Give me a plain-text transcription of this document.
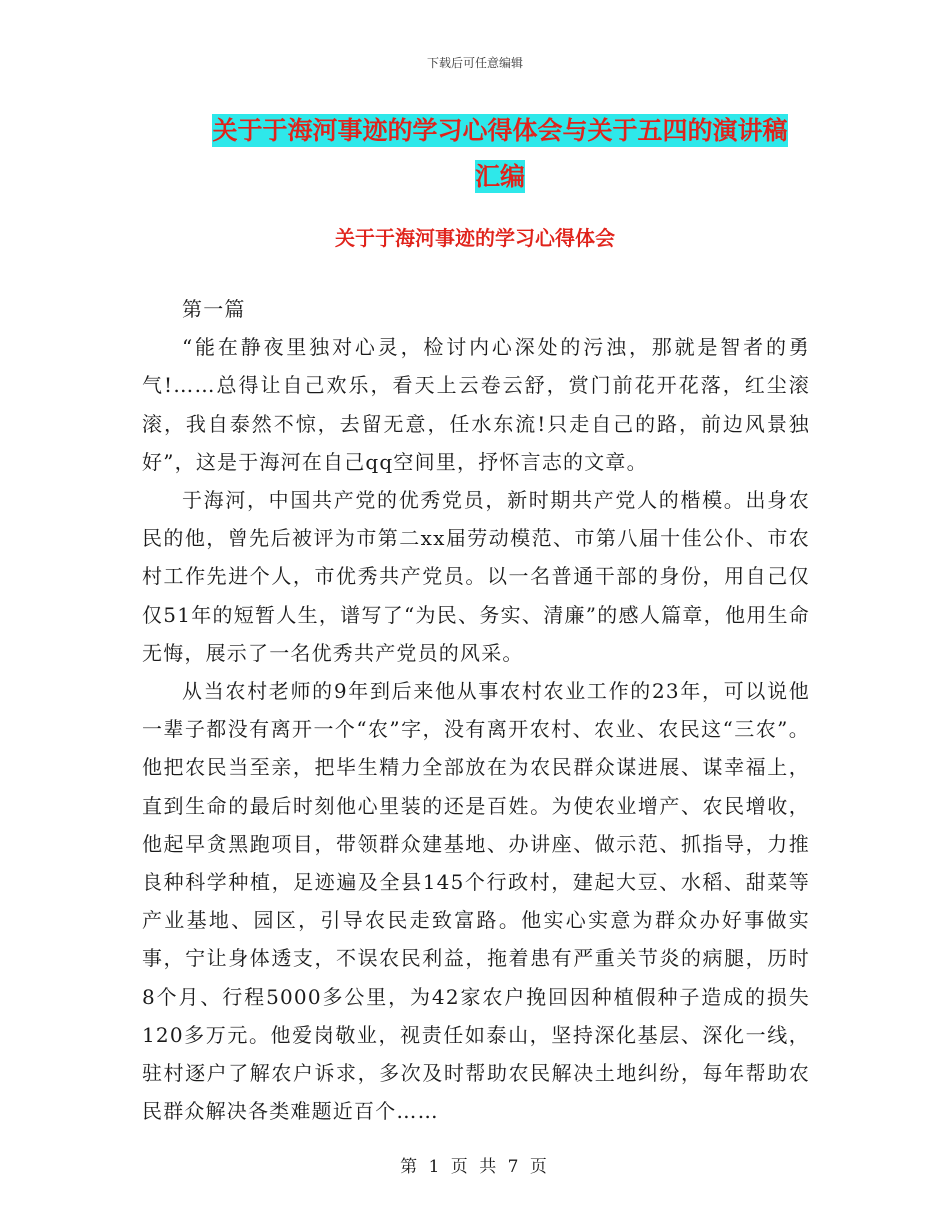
下载后可任意编辑
关于于海河事迹的学习心得体会与关于五四的演讲稿
汇编
关于于海河事迹的学习心得体会

第一篇

“能在静夜里独对心灵，检讨内心深处的污浊，那就是智者的勇气!……总得让自己欢乐，看天上云卷云舒，赏门前花开花落，红尘滚滚，我自泰然不惊，去留无意，任水东流!只走自己的路，前边风景独好”，这是于海河在自己qq空间里，抒怀言志的文章。

于海河，中国共产党的优秀党员，新时期共产党人的楷模。出身农民的他，曾先后被评为市第二xx届劳动模范、市第八届十佳公仆、市农村工作先进个人，市优秀共产党员。以一名普通干部的身份，用自己仅仅51年的短暂人生，谱写了“为民、务实、清廉”的感人篇章，他用生命无悔，展示了一名优秀共产党员的风采。

从当农村老师的9年到后来他从事农村农业工作的23年，可以说他一辈子都没有离开一个“农”字，没有离开农村、农业、农民这“三农”。他把农民当至亲，把毕生精力全部放在为农民群众谋进展、谋幸福上，直到生命的最后时刻他心里装的还是百姓。为使农业增产、农民增收，他起早贪黑跑项目，带领群众建基地、办讲座、做示范、抓指导，力推良种科学种植，足迹遍及全县145个行政村，建起大豆、水稻、甜菜等产业基地、园区，引导农民走致富路。他实心实意为群众办好事做实事，宁让身体透支，不误农民利益，拖着患有严重关节炎的病腿，历时8个月、行程5000多公里，为42家农户挽回因种植假种子造成的损失120多万元。他爱岗敬业，视责任如泰山，坚持深化基层、深化一线，驻村逐户了解农户诉求，多次及时帮助农民解决土地纠纷，每年帮助农民群众解决各类难题近百个……

第 1 页 共 7 页
